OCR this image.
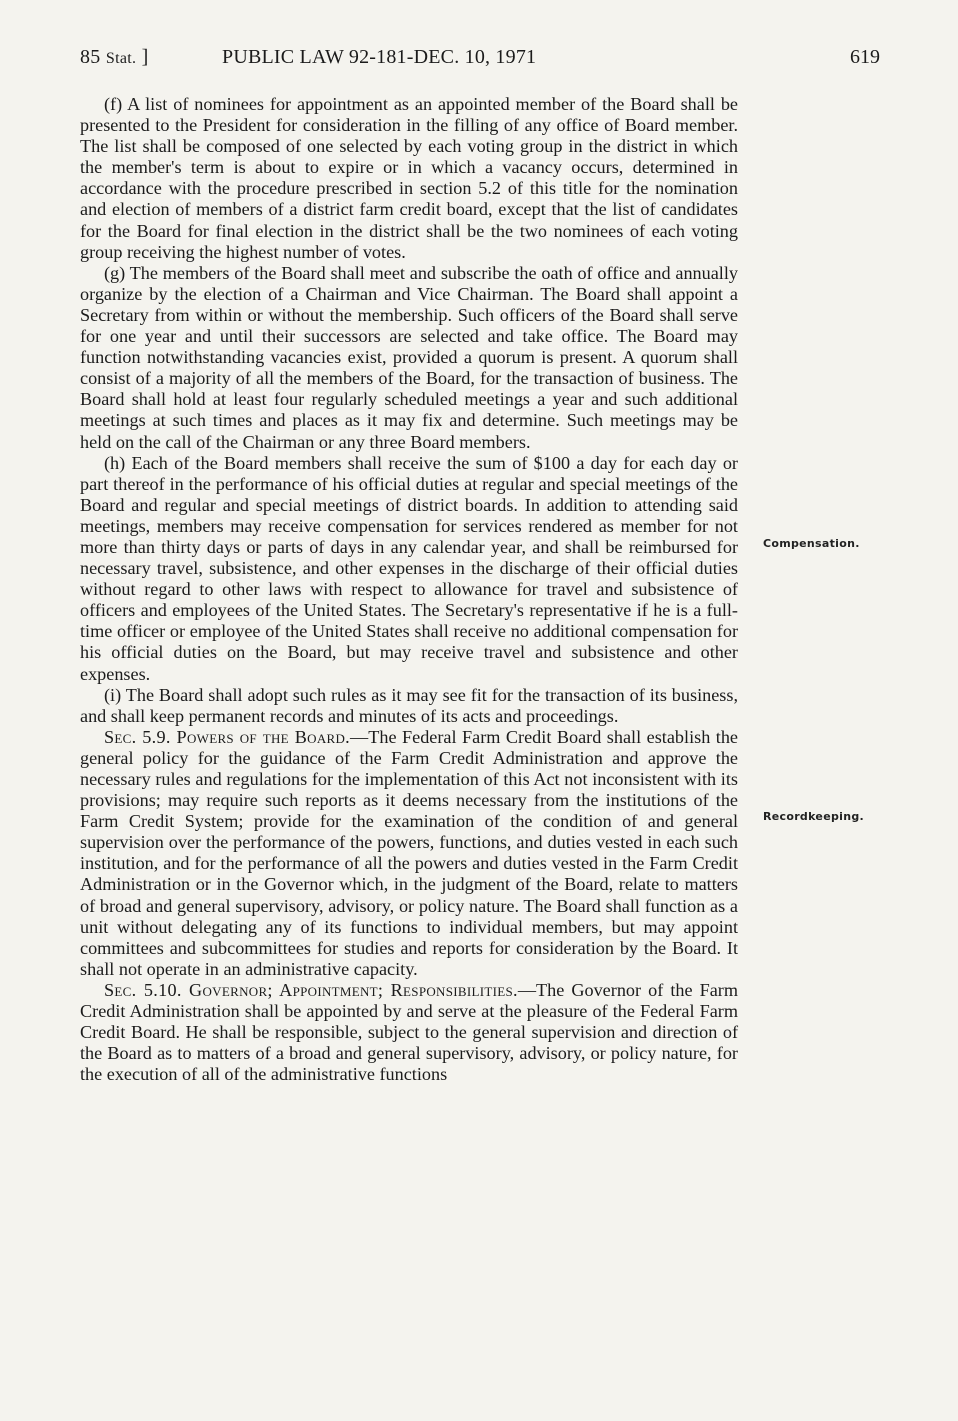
85 Stat. ]	PUBLIC LAW 92-181-DEC. 10, 1971	619

(f) A list of nominees for appointment as an appointed member of the Board shall be presented to the President for consideration in the filling of any office of Board member. The list shall be composed of one selected by each voting group in the district in which the member's term is about to expire or in which a vacancy occurs, determined in accordance with the procedure prescribed in section 5.2 of this title for the nomination and election of members of a district farm credit board, except that the list of candidates for the Board for final election in the district shall be the two nominees of each voting group receiving the highest number of votes.

(g) The members of the Board shall meet and subscribe the oath of office and annually organize by the election of a Chairman and Vice Chairman. The Board shall appoint a Secretary from within or without the membership. Such officers of the Board shall serve for one year and until their successors are selected and take office. The Board may function notwithstanding vacancies exist, provided a quorum is present. A quorum shall consist of a majority of all the members of the Board, for the transaction of business. The Board shall hold at least four regularly scheduled meetings a year and such additional meetings at such times and places as it may fix and determine. Such meetings may be held on the call of the Chairman or any three Board members.

(h) Each of the Board members shall receive the sum of $100 a day for each day or part thereof in the performance of his official duties at regular and special meetings of the Board and regular and special meetings of district boards. In addition to attending said meetings, members may receive compensation for services rendered as member for not more than thirty days or parts of days in any calendar year, and shall be reimbursed for necessary travel, subsistence, and other expenses in the discharge of their official duties without regard to other laws with respect to allowance for travel and subsistence of officers and employees of the United States. The Secretary's representative if he is a full-time officer or employee of the United States shall receive no additional compensation for his official duties on the Board, but may receive travel and subsistence and other expenses.

(i) The Board shall adopt such rules as it may see fit for the transaction of its business, and shall keep permanent records and minutes of its acts and proceedings.

Sec. 5.9. Powers of the Board.—The Federal Farm Credit Board shall establish the general policy for the guidance of the Farm Credit Administration and approve the necessary rules and regulations for the implementation of this Act not inconsistent with its provisions; may require such reports as it deems necessary from the institutions of the Farm Credit System; provide for the examination of the condition of and general supervision over the performance of the powers, functions, and duties vested in each such institution, and for the performance of all the powers and duties vested in the Farm Credit Administration or in the Governor which, in the judgment of the Board, relate to matters of broad and general supervisory, advisory, or policy nature. The Board shall function as a unit without delegating any of its functions to individual members, but may appoint committees and subcommittees for studies and reports for consideration by the Board. It shall not operate in an administrative capacity.

Sec. 5.10. Governor; Appointment; Responsibilities.—The Governor of the Farm Credit Administration shall be appointed by and serve at the pleasure of the Federal Farm Credit Board. He shall be responsible, subject to the general supervision and direction of the Board as to matters of a broad and general supervisory, advisory, or policy nature, for the execution of all of the administrative functions

Compensation.
Recordkeeping.
